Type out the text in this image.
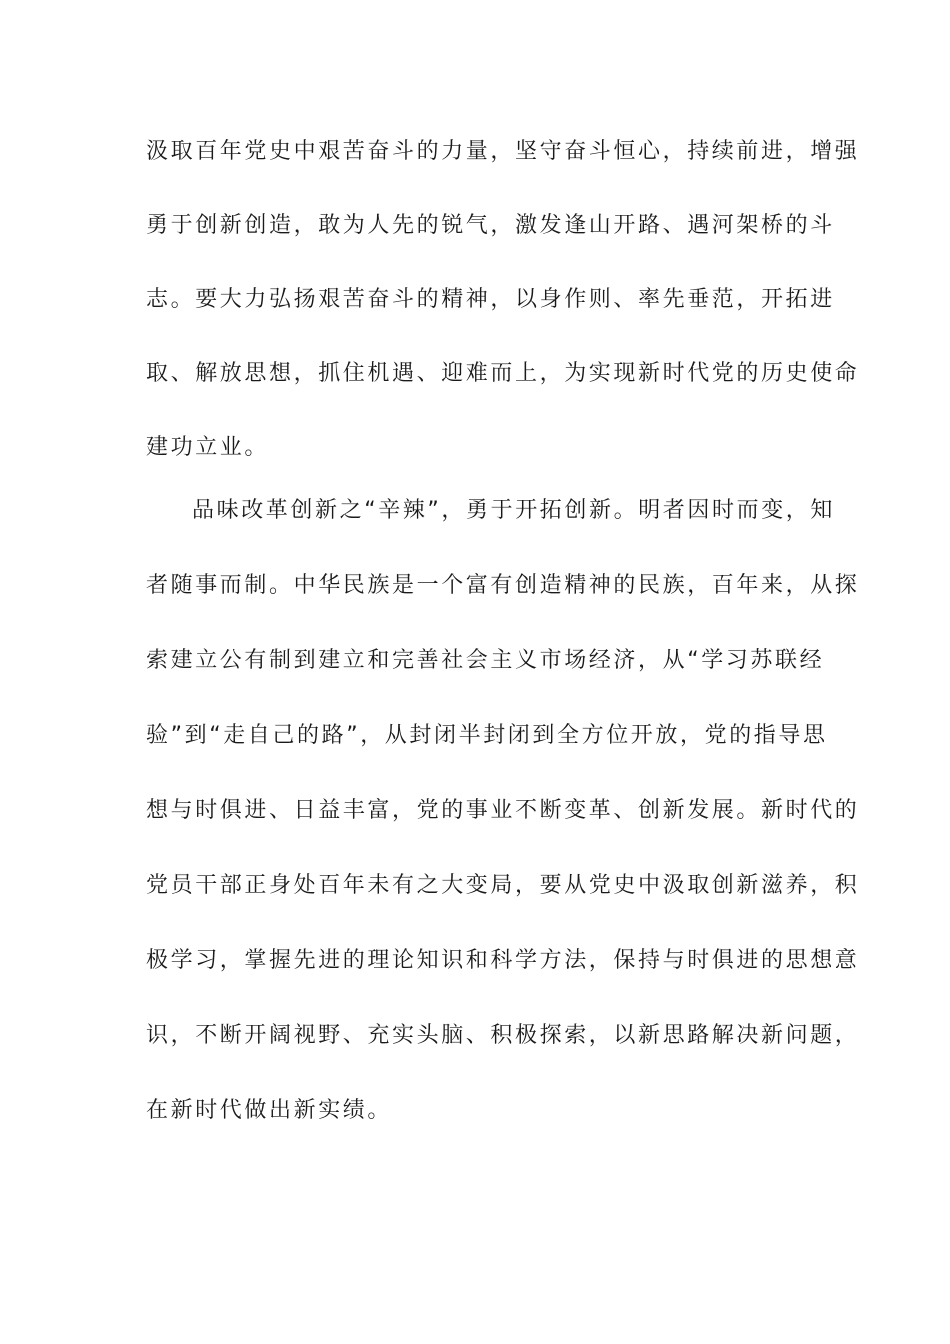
汲取百年党史中艰苦奋斗的力量，坚守奋斗恒心，持续前进，增强
勇于创新创造，敢为人先的锐气，激发逢山开路、遇河架桥的斗
志。要大力弘扬艰苦奋斗的精神，以身作则、率先垂范，开拓进
取、解放思想，抓住机遇、迎难而上，为实现新时代党的历史使命
建功立业。
品味改革创新之“辛辣”，勇于开拓创新。明者因时而变，知
者随事而制。中华民族是一个富有创造精神的民族，百年来，从探
索建立公有制到建立和完善社会主义市场经济，从“学习苏联经
验”到“走自己的路”，从封闭半封闭到全方位开放，党的指导思
想与时俱进、日益丰富，党的事业不断变革、创新发展。新时代的
党员干部正身处百年未有之大变局，要从党史中汲取创新滋养，积
极学习，掌握先进的理论知识和科学方法，保持与时俱进的思想意
识，不断开阔视野、充实头脑、积极探索，以新思路解决新问题，
在新时代做出新实绩。
